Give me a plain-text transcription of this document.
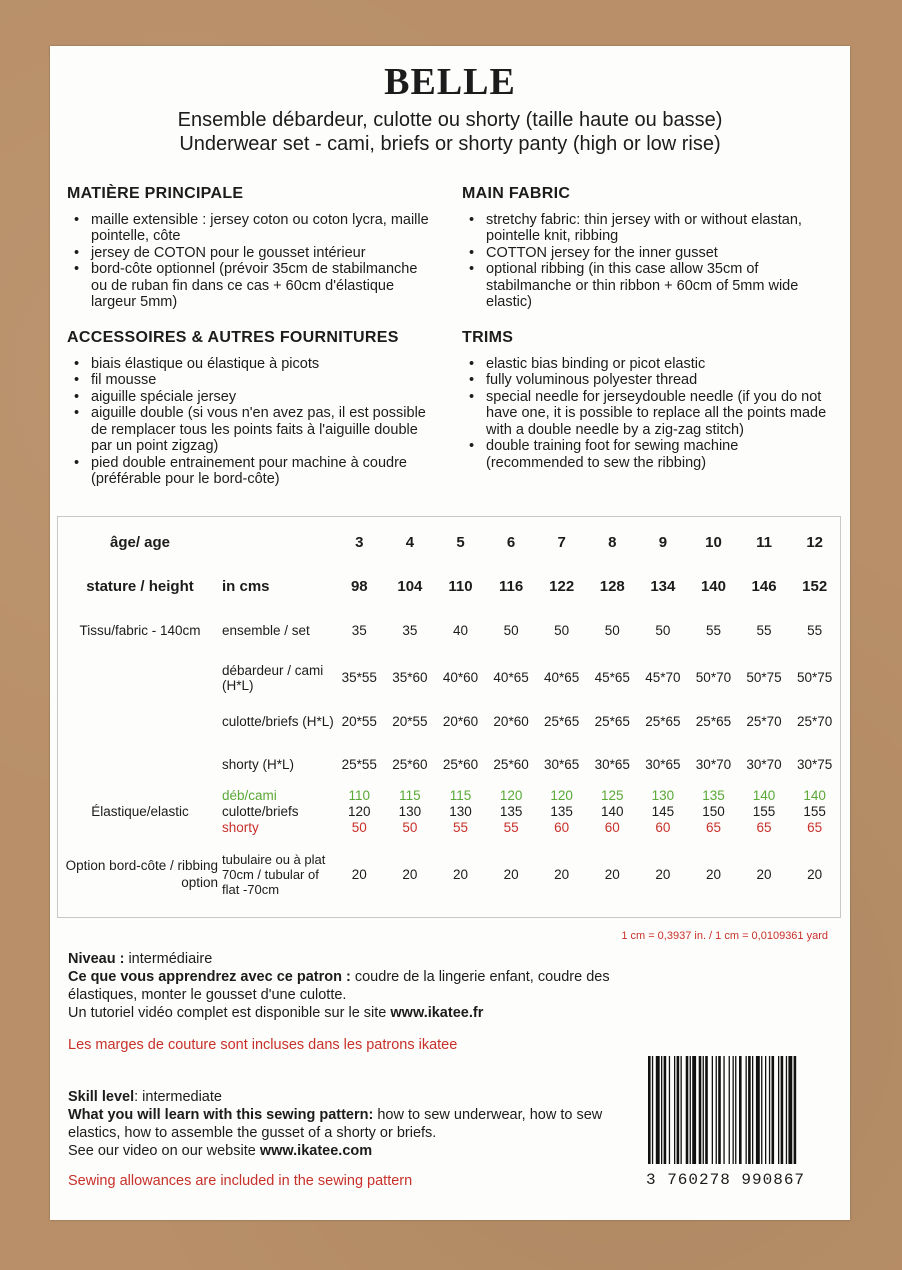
BELLE
Ensemble débardeur, culotte ou shorty (taille haute ou basse)
Underwear set - cami, briefs or shorty panty (high or low rise)
MATIÈRE PRINCIPALE
• maille extensible : jersey coton ou coton lycra, maille pointelle, côte
• jersey de COTON pour le gousset intérieur
• bord-côte optionnel (prévoir 35cm de stabilmanche ou de ruban fin dans ce cas + 60cm d'élastique largeur 5mm)
ACCESSOIRES & AUTRES FOURNITURES
• biais élastique ou élastique à picots
• fil mousse
• aiguille spéciale jersey
• aiguille double (si vous n'en avez pas, il est possible de remplacer tous les points faits à l'aiguille double par un point zigzag)
• pied double entrainement pour machine à coudre (préférable pour le bord-côte)
MAIN FABRIC
• stretchy fabric: thin jersey with or without elastan, pointelle knit, ribbing
• COTTON jersey for the inner gusset
• optional ribbing (in this case allow 35cm of stabilmanche or thin ribbon + 60cm of 5mm wide elastic)
TRIMS
• elastic bias binding or picot elastic
• fully voluminous polyester thread
• special needle for jerseydouble needle (if you do not have one, it is possible to replace all the points made with a double needle by a zig-zag stitch)
• double training foot for sewing machine (recommended to sew the ribbing)
âge/ age		3	4	5	6	7	8	9	10	11	12
stature / height	in cms	98	104	110	116	122	128	134	140	146	152
Tissu/fabric - 140cm	ensemble / set	35	35	40	50	50	50	50	55	55	55
	débardeur / cami (H*L)	35*55	35*60	40*60	40*65	40*65	45*65	45*70	50*70	50*75	50*75
	culotte/briefs (H*L)	20*55	20*55	20*60	20*60	25*65	25*65	25*65	25*65	25*70	25*70
	shorty (H*L)	25*55	25*60	25*60	25*60	30*65	30*65	30*65	30*70	30*70	30*75
Élastique/elastic	déb/cami	110	115	115	120	120	125	130	135	140	140
	culotte/briefs	120	130	130	135	135	140	145	150	155	155
	shorty	50	50	55	55	60	60	60	65	65	65
Option bord-côte / ribbing option	tubulaire ou à plat 70cm / tubular of flat -70cm	20	20	20	20	20	20	20	20	20	20
1 cm = 0,3937 in. / 1 cm = 0,0109361 yard
Niveau : intermédiaire
Ce que vous apprendrez avec ce patron : coudre de la lingerie enfant, coudre des élastiques, monter le gousset d'une culotte.
Un tutoriel vidéo complet est disponible sur le site www.ikatee.fr
Les marges de couture sont incluses dans les patrons ikatee
Skill level: intermediate
What you will learn with this sewing pattern: how to sew underwear, how to sew elastics, how to assemble the gusset of a shorty or briefs.
See our video on our website www.ikatee.com
Sewing allowances are included in the sewing pattern	3 760278 990867
